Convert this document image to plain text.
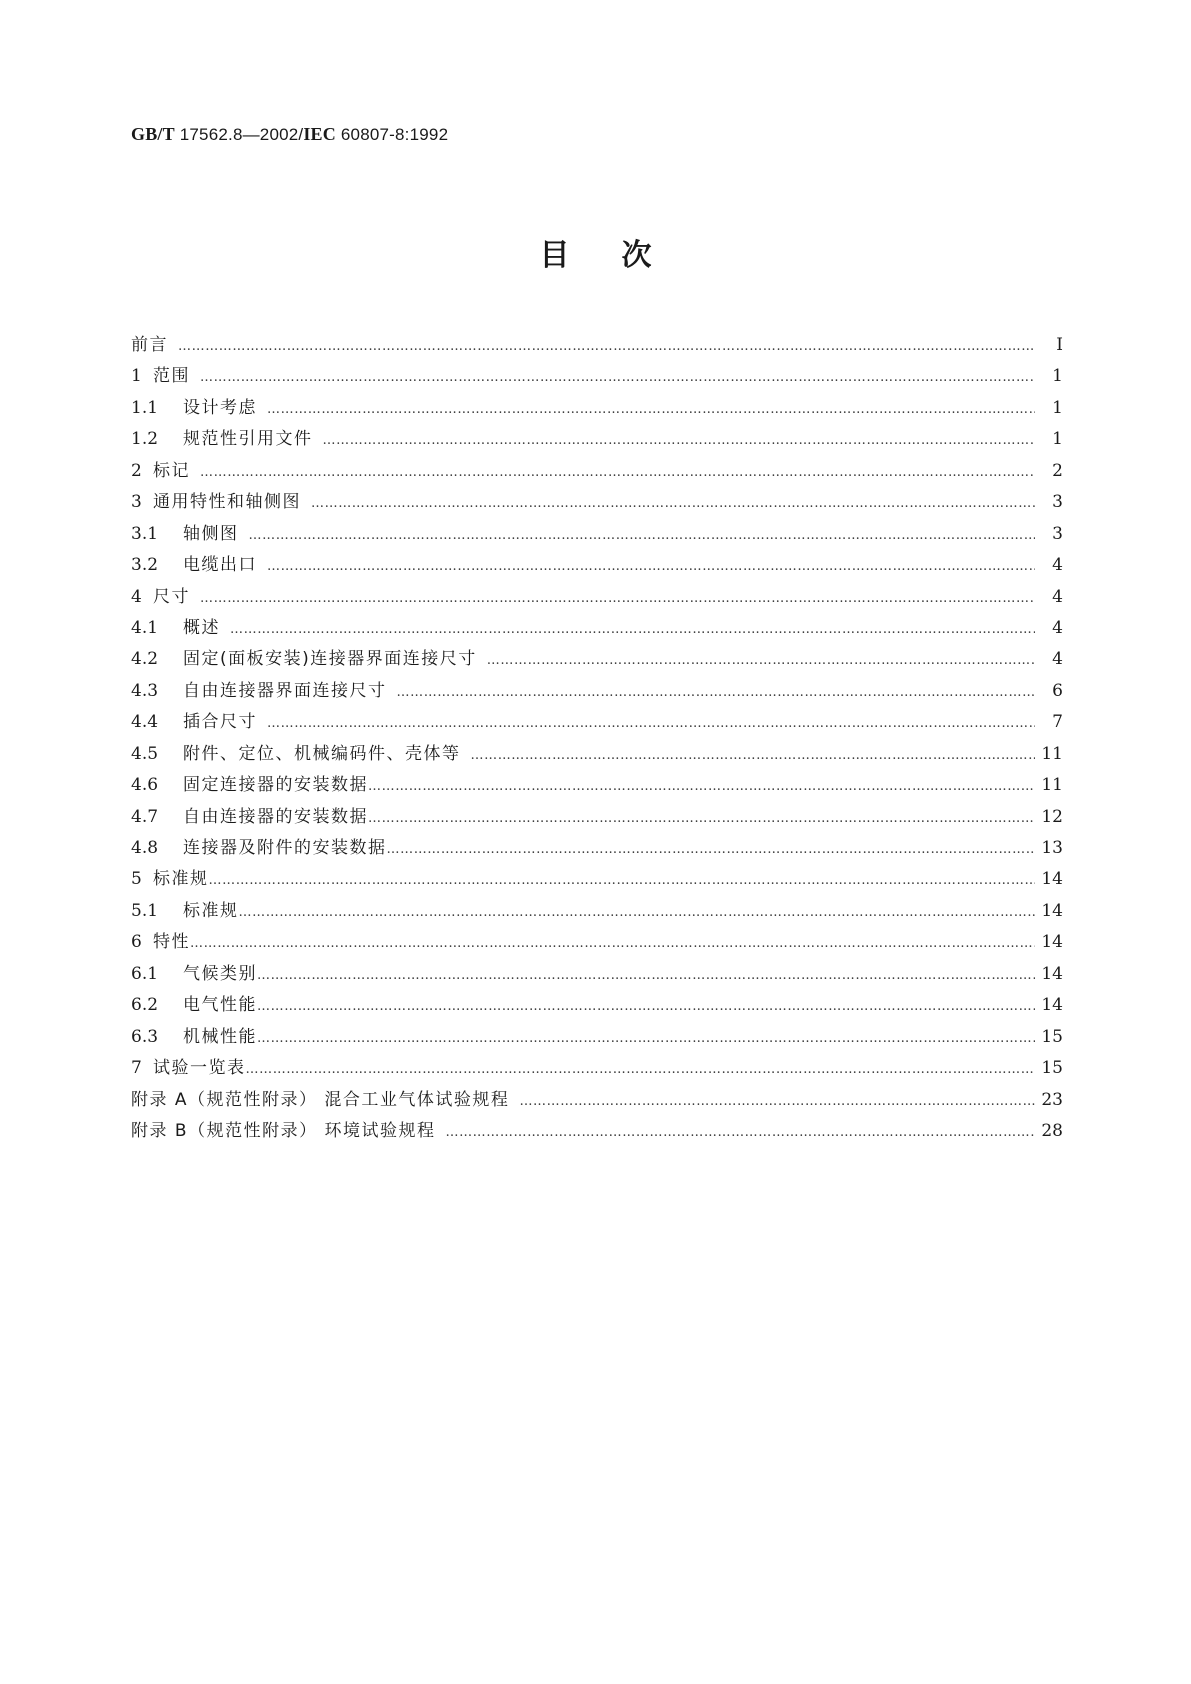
GB/T 17562.8—2002/IEC 60807-8:1992
目次
前言 ……………………………………………………………………………………………………………………………………………………………………………………………………………………………………	I
1 范围 ……………………………………………………………………………………………………………………………………………………………………………………………………………………………………	1
1.1	设计考虑 ……………………………………………………………………………………………………………………………………………………………………………………………………………………………………	1
1.2	规范性引用文件 ……………………………………………………………………………………………………………………………………………………………………………………………………………………………………	1
2 标记 ……………………………………………………………………………………………………………………………………………………………………………………………………………………………………	2
3 通用特性和轴侧图 ……………………………………………………………………………………………………………………………………………………………………………………………………………………………………	3
3.1	轴侧图 ……………………………………………………………………………………………………………………………………………………………………………………………………………………………………	3
3.2	电缆出口 ……………………………………………………………………………………………………………………………………………………………………………………………………………………………………	4
4 尺寸 ……………………………………………………………………………………………………………………………………………………………………………………………………………………………………	4
4.1	概述 ……………………………………………………………………………………………………………………………………………………………………………………………………………………………………	4
4.2	固定(面板安装)连接器界面连接尺寸 ……………………………………………………………………………………………………………………………………………………………………………………………………………………………………	4
4.3	自由连接器界面连接尺寸 ……………………………………………………………………………………………………………………………………………………………………………………………………………………………………	6
4.4	插合尺寸 ……………………………………………………………………………………………………………………………………………………………………………………………………………………………………	7
4.5	附件、定位、机械编码件、壳体等 ……………………………………………………………………………………………………………………………………………………………………………………………………………………………………	11
4.6	固定连接器的安装数据 ……………………………………………………………………………………………………………………………………………………………………………………………………………………………………	11
4.7	自由连接器的安装数据 ……………………………………………………………………………………………………………………………………………………………………………………………………………………………………	12
4.8	连接器及附件的安装数据 ……………………………………………………………………………………………………………………………………………………………………………………………………………………………………	13
5 标准规 ……………………………………………………………………………………………………………………………………………………………………………………………………………………………………	14
5.1	标准规 ……………………………………………………………………………………………………………………………………………………………………………………………………………………………………	14
6 特性 ……………………………………………………………………………………………………………………………………………………………………………………………………………………………………	14
6.1	气候类别 ……………………………………………………………………………………………………………………………………………………………………………………………………………………………………	14
6.2	电气性能 ……………………………………………………………………………………………………………………………………………………………………………………………………………………………………	14
6.3	机械性能 ……………………………………………………………………………………………………………………………………………………………………………………………………………………………………	15
7 试验一览表 ……………………………………………………………………………………………………………………………………………………………………………………………………………………………………	15
附录 A（规范性附录） 混合工业气体试验规程 ……………………………………………………………………………………………………………………………………………………………………………………………………………………………………	23
附录 B（规范性附录） 环境试验规程 ……………………………………………………………………………………………………………………………………………………………………………………………………………………………………	28
